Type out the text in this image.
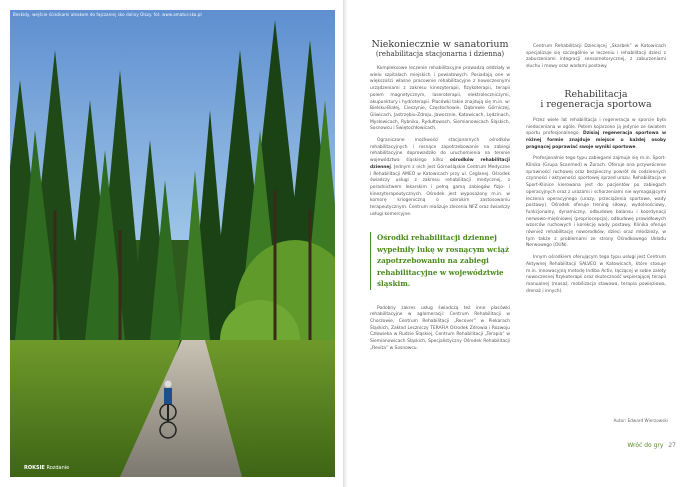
Beskidy, wejście ścieżkami aleakom do fajczaniej sko doliny Olszy. fot. www.amatur.ska.pl
ROKSIE Rozdanie
Niekoniecznie w sanatorium
(rehabilitacja stacjonarna i dzienna)

Kompleksowe leczenie rehabilitacyjne prowadzą oddziały w wielu szpitalach miejskich i powiatowych. Posiadają one w większości własne pracownie rehabilitacyjne z nowoczesnymi urządzeniami z zakresu kinezyterapii, fizykoterapii, terapii polem magnetycznym, laseroterapii, elektroleczniczymi, akupunktury i hydroterapii. Placówki takie znajdują się m.in. w: Bielsku-Białej, Cieszynie, Częstochowie, Dąbrowie Górniczej, Gliwicach, Jastrzębiu-Zdroju, Jaworznie, Katowicach, Lędzinach, Mysłowicach, Rybniku, Rydułtowach, Siemianowicach Śląskich, Sosnowcu i Świętochłowicach.

Ograniczone możliwości stacjonarnych ośrodków rehabilitacyjnych i rosnące zapotrzebowanie na zabiegi rehabilitacyjne doprowadziło do uruchomienia na terenie województwa śląskiego kilku ośrodków rehabilitacji dziennej. Jednym z nich jest Górnośląskie Centrum Medyczne i Rehabilitacji AMEO w Katowicach przy ul. Ceglanej. Ośrodek świadczy usługi z zakresu rehabilitacji medycznej, z poradnictwem lekarskim i pełną gamą zabiegów fizjo- i kinezyterapeutycznych. Ośrodek jest wyposażony m.in. w komorę kriogeniczną o szerokim zastosowaniu terapeutycznym. Centrum realizuje zlecenia NFZ oraz świadczy usługi komercyjne.

Ośrodki rehabilitacji dziennej wypełniły lukę w rosnącym wciąż zapotrzebowaniu na zabiegi rehabilitacyjne w województwie śląskim.

Podobny zakres usług świadczą też inne placówki rehabilitacyjne w aglomeracji: Centrum Rehabilitacji w Chorzowie, Centrum Rehabilitacji „Recover” w Piekarach Śląskich, Zakład Leczniczy TERAFIA Ośrodek Zdrowia i Rozwoju Człowieka w Rudzie Śląskiej, Centrum Rehabilitacji „Terapia” w Siemianowicach Śląskich, Specjalistyczny Ośrodek Rehabilitacji „Revita” w Sosnowcu.

Centrum Rehabilitacji Dziecięcej „Skarbek” w Katowicach specjalizuje się szczególnie w leczeniu i rehabilitacji dzieci z zaburzeniami integracji sensomotorycznej, z zaburzeniami słuchu i mowy oraz wadami postawy.

Rehabilitacja
i regeneracja sportowa

Przez wiele lat rehabilitacja i regeneracja w sporcie była niedoceniana w ogóle. Potem kojarzono ją jedynie ze światem sportu profesjonalnego. Dzisiaj regeneracja sportowa w różnej formie znajduje miejsce u każdej osoby pragnącej poprawiać swoje wyniki sportowe.

Profesjonalnie tego typu zabiegami zajmuje się m.in. Sport-Klinika (Grupa Scanmed) w Żorach. Oferuje ona przywrócenie sprawności ruchowej oraz bezpieczny powrót do codziennych czynności i aktywności sportowej sprzed urazu. Rehabilitacja w Sport-Klinice kierowana jest do pacjentów po zabiegach operacyjnych oraz z urazami i schorzeniami nie wymagającymi leczenia operacyjnego (urazy, przeciążenia sportowe, wady postawy). Ośrodek oferuje trening siłowy, wydolnościowy, funkcjonalny, dynamiczny, odbudowę balansu i koordynacji nerwowo-mięśniowej (propriocepcja), odbudowę prawidłowych wzorców ruchowych i korekcję wady postawy. Klinika oferuje również rehabilitację noworodków, dzieci oraz młodzieży, w tym także z problemami ze strony Ośrodkowego Układu Nerwowego (OUN).

Innym ośrodkiem oferującym tego typu usługi jest Centrum Aktywnej Rehabilitacji SALVEO w Katowicach, które stosuje m.in. innowacyjną metodę Indiba Activ, łączącej w sobie zalety nowoczesnej fizykoterapii oraz skuteczność wspierającej terapii manualnej (masaż, mobilizacja stawowa, terapia powięziowa, drenaż i innych).

Autor: Edward Wierzowski
Wróć do gry 27
